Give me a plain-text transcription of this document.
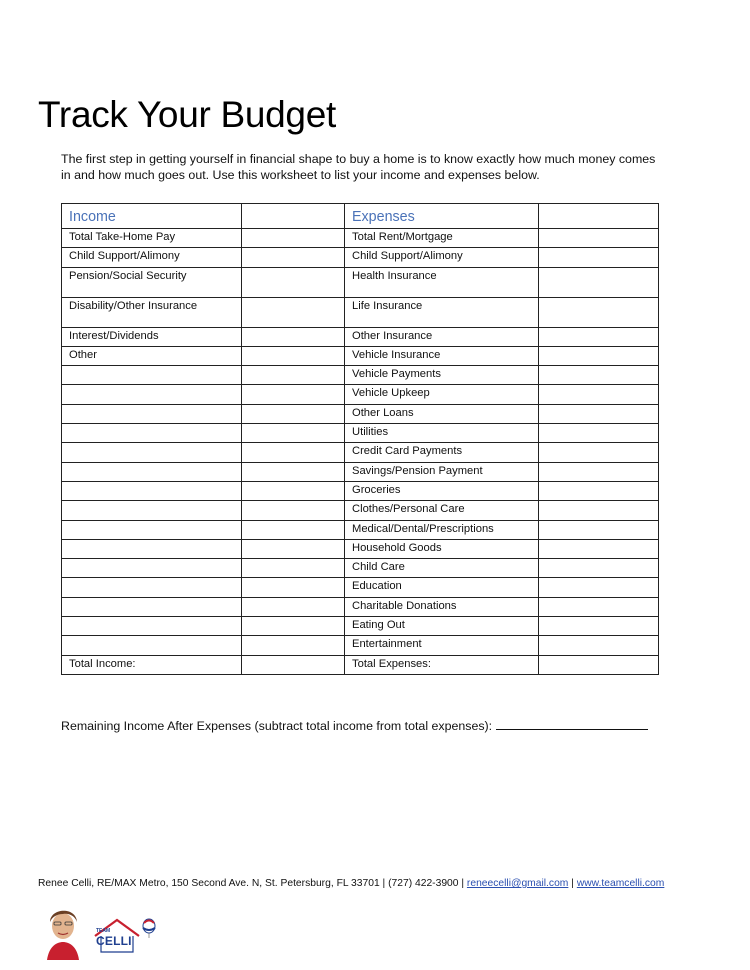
Track Your Budget
The first step in getting yourself in financial shape to buy a home is to know exactly how much money comes in and how much goes out. Use this worksheet to list your income and expenses below.
Income		Expenses	
Total Take-Home Pay		Total Rent/Mortgage	
Child Support/Alimony		Child Support/Alimony	
Pension/Social Security		Health Insurance	
Disability/Other Insurance		Life Insurance	
Interest/Dividends		Other Insurance	
Other		Vehicle Insurance	
		Vehicle Payments	
		Vehicle Upkeep	
		Other Loans	
		Utilities	
		Credit Card Payments	
		Savings/Pension Payment	
		Groceries	
		Clothes/Personal Care	
		Medical/Dental/Prescriptions	
		Household Goods	
		Child Care	
		Education	
		Charitable Donations	
		Eating Out	
		Entertainment	
Total Income:		Total Expenses:	
Remaining Income After Expenses (subtract total income from total expenses):
Renee Celli, RE/MAX Metro, 150 Second Ave. N, St. Petersburg, FL 33701 | (727) 422-3900 | reneecelli@gmail.com | www.teamcelli.com
TEAM
CELLI
